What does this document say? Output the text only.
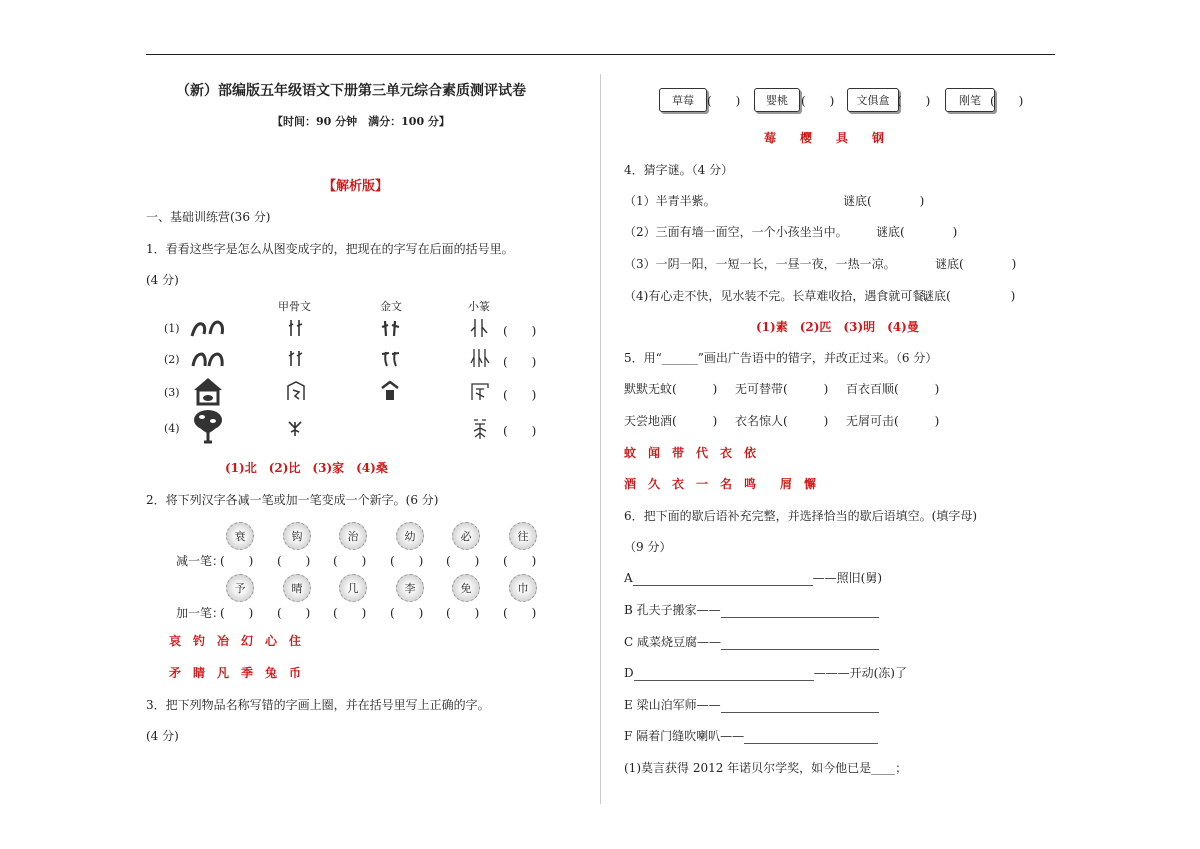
（新）部编版五年级语文下册第三单元综合素质测评试卷
【时间：90 分钟　满分：100 分】
【解析版】
一、基础训练营(36 分)
1．看看这些字是怎么从图变成字的，把现在的字写在后面的括号里。
(4 分)
甲骨文	金文	小篆
(1)	(　　)
(2)	(　　)
(3)	(　　)
(4)	(　　)
(1)北　(2)比　(3)家　(4)桑
2．将下列汉字各减一笔或加一笔变成一个新字。(6 分)
衰	钩	治	幼	必	往
减一笔：
(　　) (　　) (　　) (　　) (　　) (　　)
予	晴	几	李	免	巾
加一笔：
(　　) (　　) (　　) (　　) (　　) (　　)
哀　钓　冶　幻　心　住
矛　睛　凡　季　兔　币
3．把下列物品名称写错的字画上圈，并在括号里写上正确的字。
(4 分)
草莓	(　　)	婴桃	(　　)	文俱盒 (　　)	刚笔 (　　)
莓　　樱　　具　　钢
4．猜字谜。（4 分）
（1）半青半紫。	谜底(　　　　)
（2）三面有墙一面空，一个小孩坐当中。 谜底(　　　　)
（3）一阴一阳，一短一长，一昼一夜，一热一凉。	谜底(　　　　)
（4)有心走不快，见水装不完。长草难收拾，遇食就可餐。
谜底(　　　　　)
(1)素　(2)匹　(3)明　(4)曼
5．用“______”画出广告语中的错字，并改正过来。（6 分）
默默无蚊(　　　) 无可替带(　　　) 百衣百顺(　　　)
天尝地酒(　　　) 衣名惊人(　　　) 无屑可击(　　　)
蚊　闻　带　代　衣　依
酒　久　衣　一　名　鸣　　屑　懈
6．把下面的歇后语补充完整，并选择恰当的歇后语填空。(填字母)
（9 分）
A	——照旧(舅)
B 孔夫子搬家——
C 咸菜烧豆腐——
D	———开动(冻)了
E 梁山泊军师——
F 隔着门缝吹喇叭——
(1)莫言获得 2012 年诺贝尔学奖，如今他已是____；
